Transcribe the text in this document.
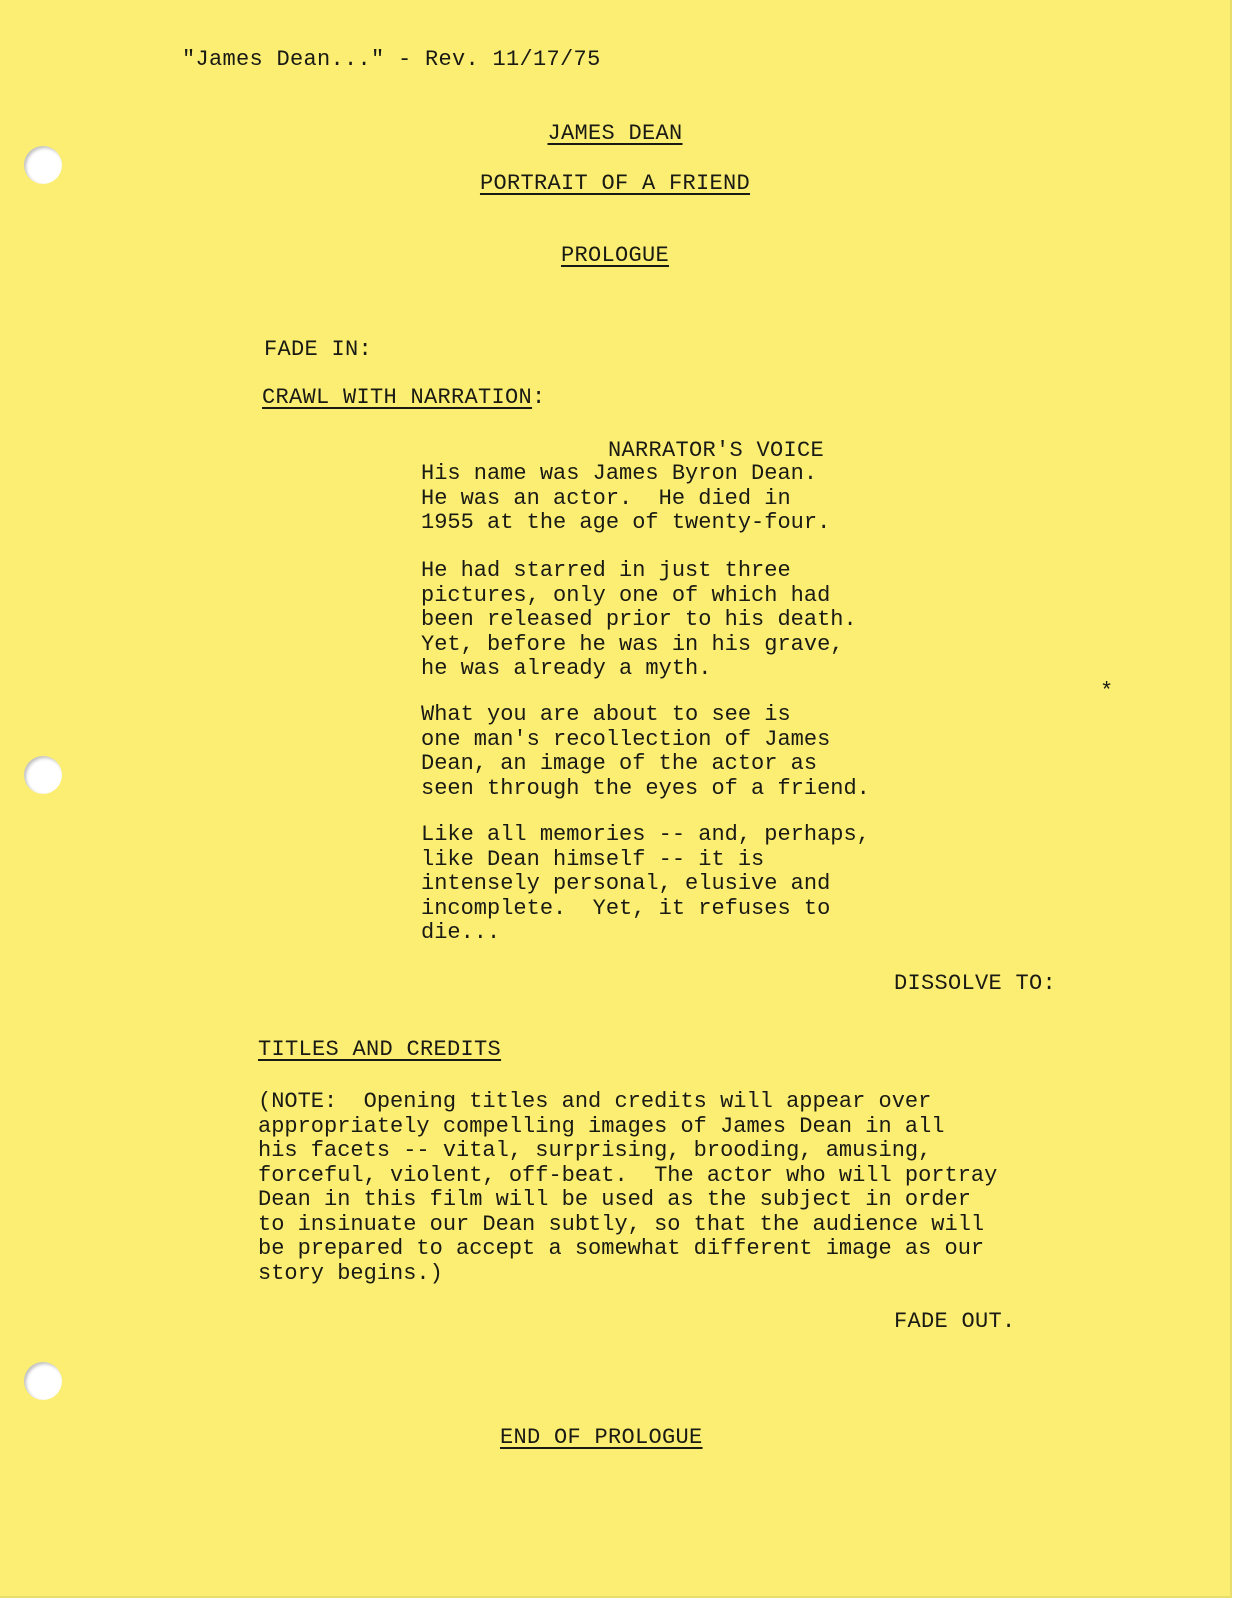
"James Dean..." - Rev. 11/17/75
JAMES DEAN
PORTRAIT OF A FRIEND
PROLOGUE
FADE IN:
CRAWL WITH NARRATION:
NARRATOR'S VOICE
His name was James Byron Dean.
He was an actor.  He died in
1955 at the age of twenty-four.
He had starred in just three
pictures, only one of which had
been released prior to his death.
Yet, before he was in his grave,
he was already a myth.
What you are about to see is
one man's recollection of James
Dean, an image of the actor as
seen through the eyes of a friend.
Like all memories -- and, perhaps,
like Dean himself -- it is
intensely personal, elusive and
incomplete.  Yet, it refuses to
die...
*
DISSOLVE TO:
TITLES AND CREDITS
(NOTE:  Opening titles and credits will appear over
appropriately compelling images of James Dean in all
his facets -- vital, surprising, brooding, amusing,
forceful, violent, off-beat.  The actor who will portray
Dean in this film will be used as the subject in order
to insinuate our Dean subtly, so that the audience will
be prepared to accept a somewhat different image as our
story begins.)
FADE OUT.
END OF PROLOGUE
